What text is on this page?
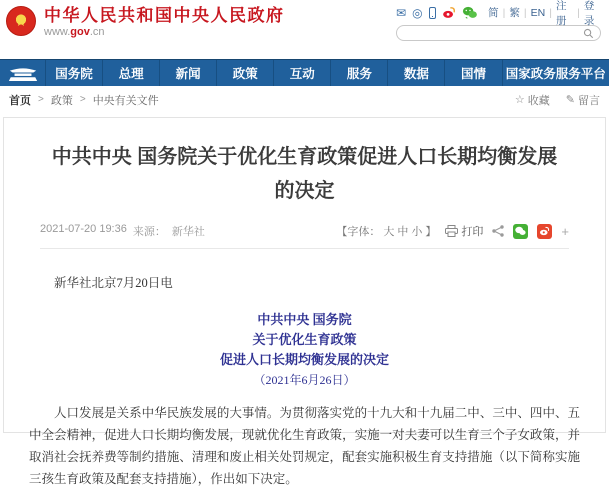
★ 中华人民共和国中央人民政府
www.gov.cn
✉ ◎	简 | 繁 | EN |
注册
|
登录
国务院	总理	新闻	政策	互动	服务	数据	国情	国家政务服务平台
首页 > 政策 > 中央有关文件	☆ 收藏 ✎ 留言
中共中央 国务院关于优化生育政策促进人口长期均衡发展的决定
2021-07-20 19:36 来源： 新华社	【字体： 大 中 小 】 打印	+

新华社北京7月20日电

中共中央 国务院

关于优化生育政策

促进人口长期均衡发展的决定

（2021年6月26日）

人口发展是关系中华民族发展的大事情。为贯彻落实党的十九大和十九届二中、三中、四中、五中全会精神，促进人口长期均衡发展，现就优化生育政策，实施一对夫妻可以生育三个子女政策，并取消社会抚养费等制约措施、清理和废止相关处罚规定，配套实施积极生育支持措施（以下简称实施三孩生育政策及配套支持措施），作出如下决定。
